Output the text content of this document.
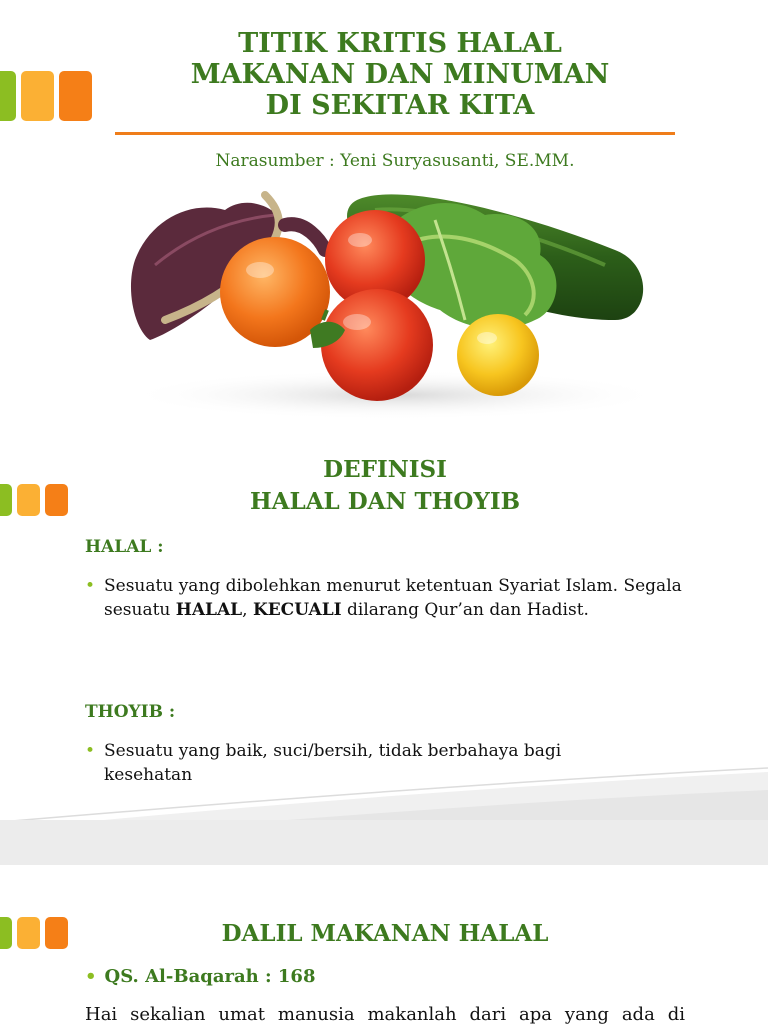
TITIK KRITIS HALAL
MAKANAN DAN MINUMAN
DI SEKITAR KITA
Narasumber : Yeni Suryasusanti, SE.MM.
DEFINISI
HALAL DAN THOYIB
HALAL :
• Sesuatu yang dibolehkan menurut ketentuan Syariat Islam. Segala sesuatu HALAL, KECUALI dilarang Qur’an dan Hadist.
THOYIB :
• Sesuatu yang baik, suci/bersih, tidak berbahaya bagi kesehatan
DALIL MAKANAN HALAL
• QS. Al-Baqarah : 168
Hai sekalian umat manusia makanlah dari apa yang ada di
